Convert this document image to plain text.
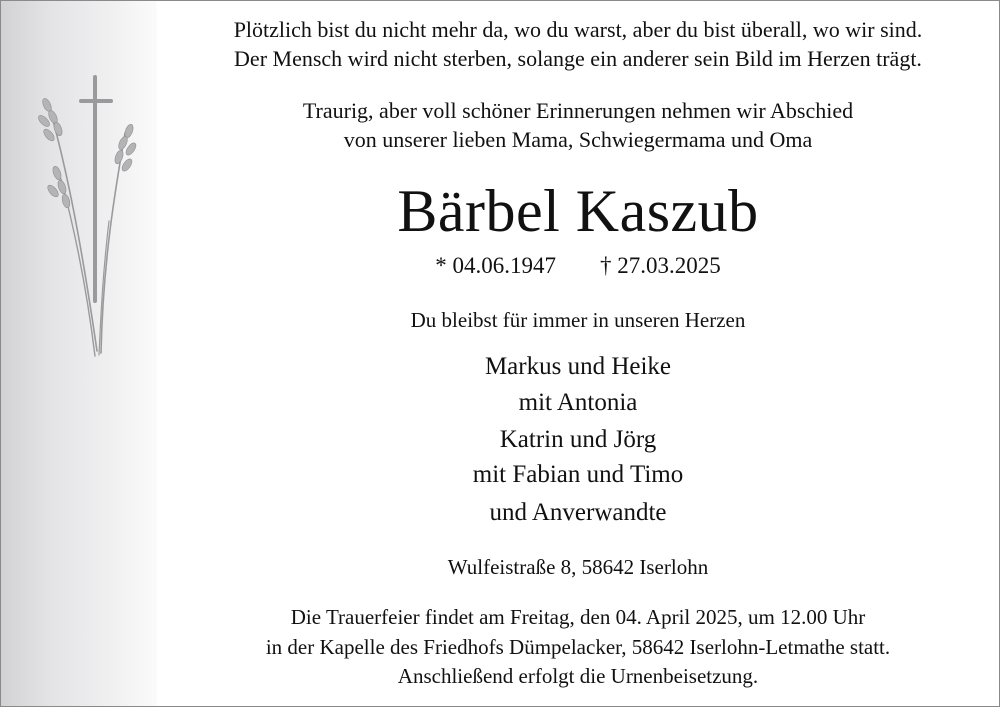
Plötzlich bist du nicht mehr da, wo du warst, aber du bist überall, wo wir sind.
Der Mensch wird nicht sterben, solange ein anderer sein Bild im Herzen trägt.
Traurig, aber voll schöner Erinnerungen nehmen wir Abschied
von unserer lieben Mama, Schwiegermama und Oma
Bärbel Kaszub
* 04.06.1947 † 27.03.2025
Du bleibst für immer in unseren Herzen
Markus und Heike
mit Antonia
Katrin und Jörg
mit Fabian und Timo
und Anverwandte
Wulfeistraße 8, 58642 Iserlohn
Die Trauerfeier findet am Freitag, den 04. April 2025, um 12.00 Uhr
in der Kapelle des Friedhofs Dümpelacker, 58642 Iserlohn-Letmathe statt.
Anschließend erfolgt die Urnenbeisetzung.
